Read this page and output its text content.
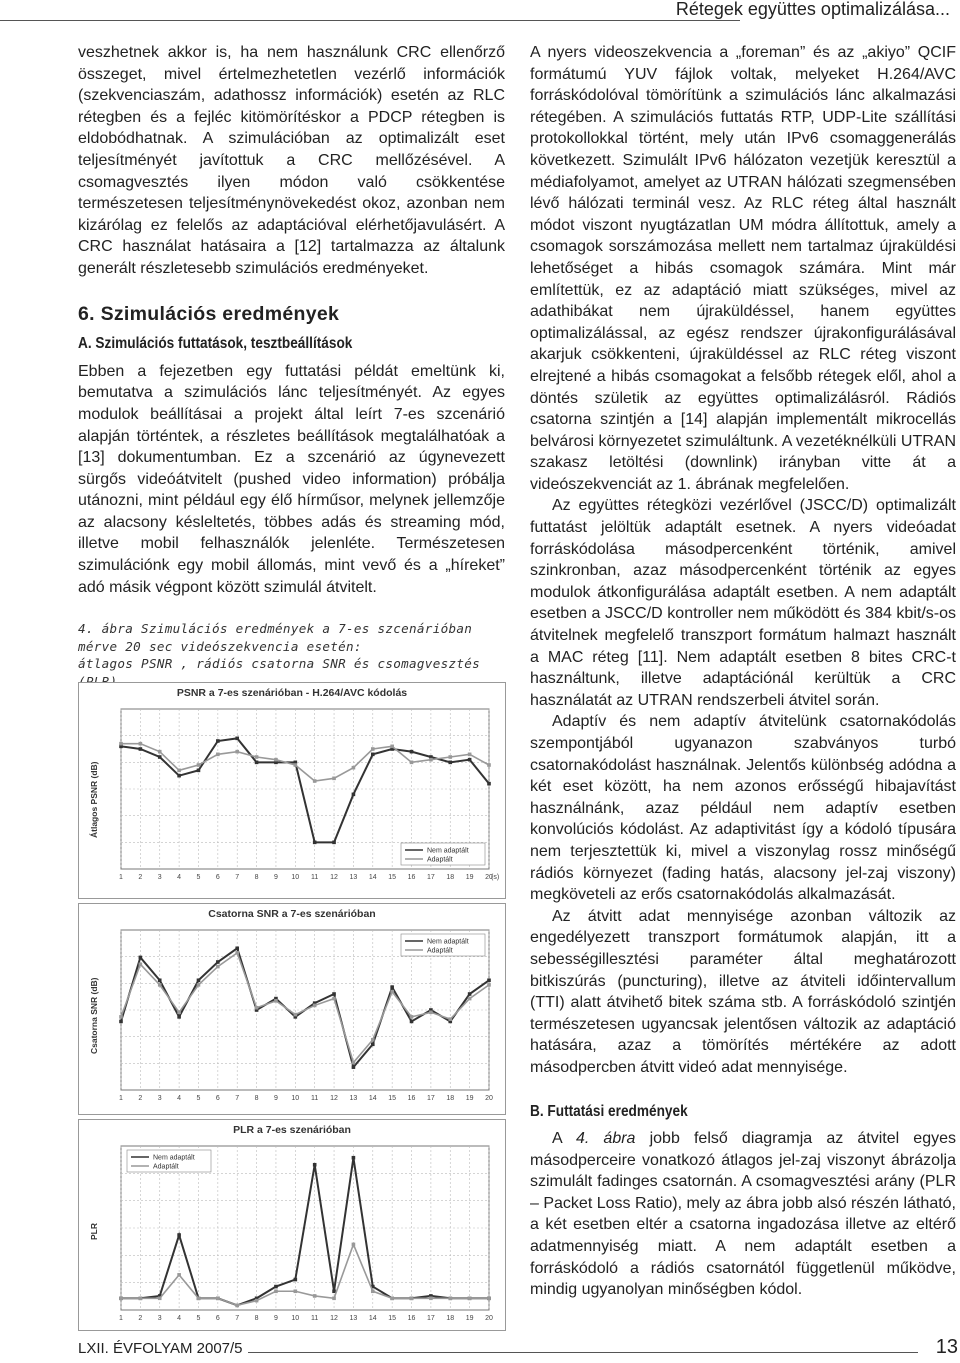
Rétegek együttes optimalizálása...

veszhetnek akkor is, ha nem használunk CRC ellenőrző összeget, mivel értelmezhetetlen vezérlő információk (szekvenciaszám, adathossz információk) esetén az RLC rétegben és a fejléc kitömörítéskor a PDCP rétegben is eldobódhatnak. A szimulációban az optimalizált eset teljesítményét javítottuk a CRC mellőzésével. A csomagvesztés ilyen módon való csökkentése természetesen teljesítménynövekedést okoz, azonban nem kizárólag ez felelős az adaptációval elérhetőjavulásért. A CRC használat hatásaira a [12] tartalmazza az általunk generált részletesebb szimulációs eredményeket.

6. Szimulációs eredmények
A. Szimulációs futtatások, tesztbeállítások

Ebben a fejezetben egy futtatási példát emeltünk ki, bemutatva a szimulációs lánc teljesítményét. Az egyes modulok beállításai a projekt által leírt 7-es szcenárió alapján történtek, a részletes beállítások megtalálhatóak a [13] dokumentumban. Ez a szcenárió az úgynevezett sürgős videóátvitelt (pushed video information) próbálja utánozni, mint például egy élő hírműsor, melynek jellemzője az alacsony késleltetés, többes adás és streaming mód, illetve mobil felhasználók jelenléte. Természetesen szimulációnk egy mobil állomás, mint vevő és a „híreket” adó másik végpont között szimulál átvitelt.

4. ábra Szimulációs eredmények a 7-es szcenárióban
mérve 20 sec videószekvencia esetén:
átlagos PSNR , rádiós csatorna SNR és csomagvesztés
PSNR a 7-es szenárióban - H.264/AVC kódolás
Átlagos PSNR (dB)
1 2 3 4 5 6 7 8 9 10 11 12 13 14 15 16 17 18 19 20
(s)
Nem adaptált
Adaptált
Csatorna SNR a 7-es szenárióban
Csatorna SNR (dB)
1 2 3 4 5 6 7 8 9 10 11 12 13 14 15 16 17 18 19 20
Nem adaptált
Adaptált
PLR a 7-es szenárióban
PLR
1 2 3 4 5 6 7 8 9 10 11 12 13 14 15 16 17 18 19 20
Nem adaptált
Adaptált

A nyers videoszekvencia a „foreman” és az „akiyo” QCIF formátumú YUV fájlok voltak, melyeket H.264/AVC forráskódolóval tömörítünk a szimulációs lánc alkalmazási rétegében. A szimulációs futtatás RTP, UDP-Lite szállítási protokollokkal történt, mely után IPv6 csomaggenerálás következett. Szimulált IPv6 hálózaton vezetjük keresztül a médiafolyamot, amelyet az UTRAN hálózati szegmensében lévő hálózati terminál vesz. Az RLC réteg által használt módot viszont nyugtázatlan UM módra állítottuk, amely a csomagok sorszámozása mellett nem tartalmaz újraküldési lehetőséget a hibás csomagok számára. Mint már említettük, ez az adaptáció miatt szükséges, mivel az adathibákat nem újraküldéssel, hanem együttes optimalizálással, az egész rendszer újrakonfigurálásával akarjuk csökkenteni, újraküldéssel az RLC réteg viszont elrejtené a hibás csomagokat a felsőbb rétegek elől, ahol a döntés születik az együttes optimalizálásról. Rádiós csatorna szintjén a [14] alapján implementált mikrocellás belvárosi környezetet szimuláltunk. A vezetéknélküli UTRAN szakasz letöltési (downlink) irányban vitte át a videószekvenciát az 1. ábrának megfelelően.

Az együttes rétegközi vezérlővel (JSCC/D) optimalizált futtatást jelöltük adaptált esetnek. A nyers videóadat forráskódolása másodpercenként történik, amivel szinkronban, azaz másodpercenként történik az egyes modulok átkonfigurálása adaptált esetben. A nem adaptált esetben a JSCC/D kontroller nem működött és 384 kbit/s-os átvitelnek megfelelő transzport formátum halmazt használt a MAC réteg [11]. Nem adaptált esetben 8 bites CRC-t használtunk, illetve adaptációnál kerültük a CRC használatát az UTRAN rendszerbeli átvitel során.

Adaptív és nem adaptív átvitelünk csatornakódolás szempontjából ugyanazon szabványos turbó csatornakódolást használnak. Jelentős különbség adódna a két eset között, ha nem azonos erősségű hibajavítást használnánk, azaz például nem adaptív esetben konvolúciós kódolást. Az adaptivitást így a kódoló típusára nem terjesztettük ki, mivel a viszonylag rossz minőségű rádiós környezet (fading hatás, alacsony jel-zaj viszony) megköveteli az erős csatornakódolás alkalmazását.

Az átvitt adat mennyisége azonban változik az engedélyezett transzport formátumok alapján, itt a sebességillesztési paraméter által meghatározott bitkiszúrás (puncturing), illetve az átviteli időintervallum (TTI) alatt átvihető bitek száma stb. A forráskódoló szintjén természetesen ugyancsak jelentősen változik az adaptáció hatására, azaz a tömörítés mértékére az adott másodpercben átvitt videó adat mennyisége.

B. Futtatási eredmények

A 4. ábra jobb felső diagramja az átvitel egyes másodperceire vonatkozó átlagos jel-zaj viszonyt ábrázolja szimulált fadinges csatornán. A csomagvesztési arány (PLR – Packet Loss Ratio), mely az ábra jobb alsó részén látható, a két esetben eltér a csatorna ingadozása illetve az eltérő adatmennyiség miatt. A nem adaptált esetben a forráskódoló a rádiós csatornától függetlenül működve, mindig ugyanolyan minőségben kódol.

LXII. ÉVFOLYAM 2007/5	13
